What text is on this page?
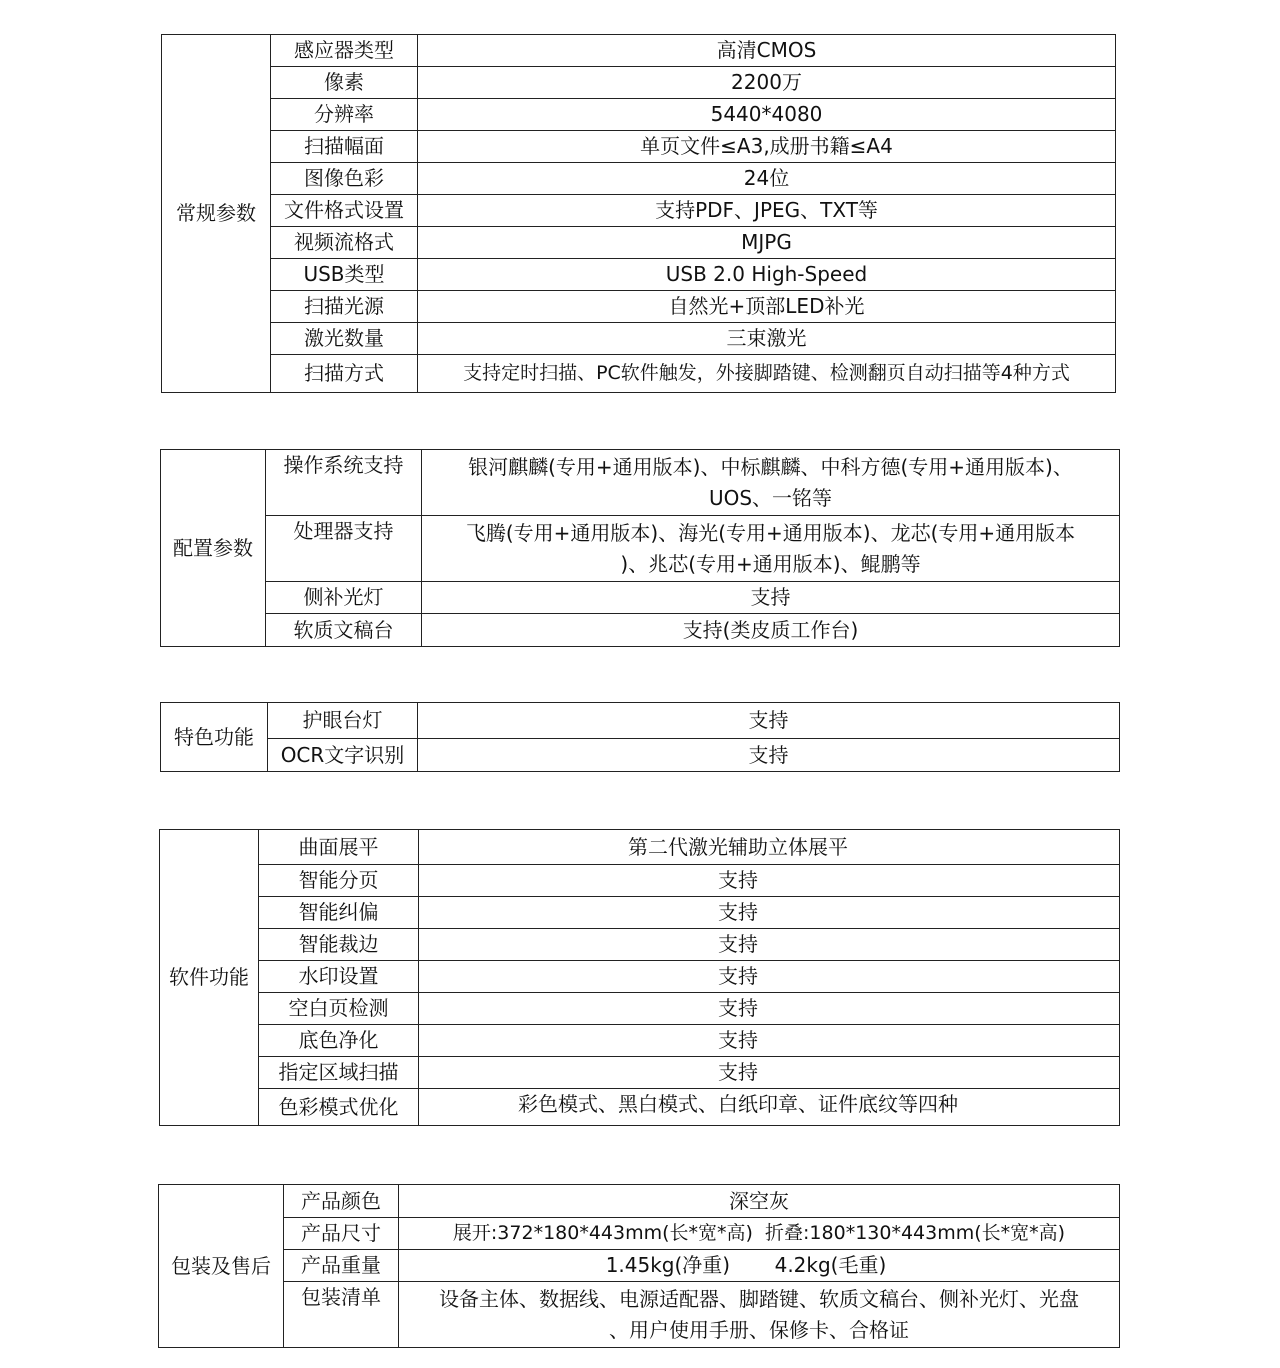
常规参数	感应器类型	高清CMOS
	像素	2200万
	分辨率	5440*4080
	扫描幅面	单页文件≤A3,成册书籍≤A4
	图像色彩	24位
	文件格式设置	支持PDF、JPEG、TXT等
	视频流格式	MJPG
	USB类型	USB 2.0 High-Speed
	扫描光源	自然光+顶部LED补光
	激光数量	三束激光
	扫描方式	支持定时扫描、PC软件触发，外接脚踏键、检测翻页自动扫描等4种方式
配置参数	操作系统支持	银河麒麟(专用+通用版本)、中标麒麟、中科方德(专用+通用版本)、
UOS、一铭等

	处理器支持	飞腾(专用+通用版本)、海光(专用+通用版本)、龙芯(专用+通用版本
)、兆芯(专用+通用版本)、鲲鹏等

	侧补光灯	支持
	软质文稿台	支持(类皮质工作台)
特色功能	护眼台灯	支持
	OCR文字识别	支持
软件功能	曲面展平	第二代激光辅助立体展平
	智能分页	支持
	智能纠偏	支持
	智能裁边	支持
	水印设置	支持
	空白页检测	支持
	底色净化	支持
	指定区域扫描	支持
	色彩模式优化	彩色模式、黑白模式、白纸印章、证件底纹等四种
包装及售后	产品颜色	深空灰
	产品尺寸	展开:372*180*443mm(长*宽*高)  折叠:180*130*443mm(长*宽*高)
	产品重量	1.45kg(净重)       4.2kg(毛重)
	包装清单	设备主体、数据线、电源适配器、脚踏键、软质文稿台、侧补光灯、光盘
、用户使用手册、保修卡、合格证
